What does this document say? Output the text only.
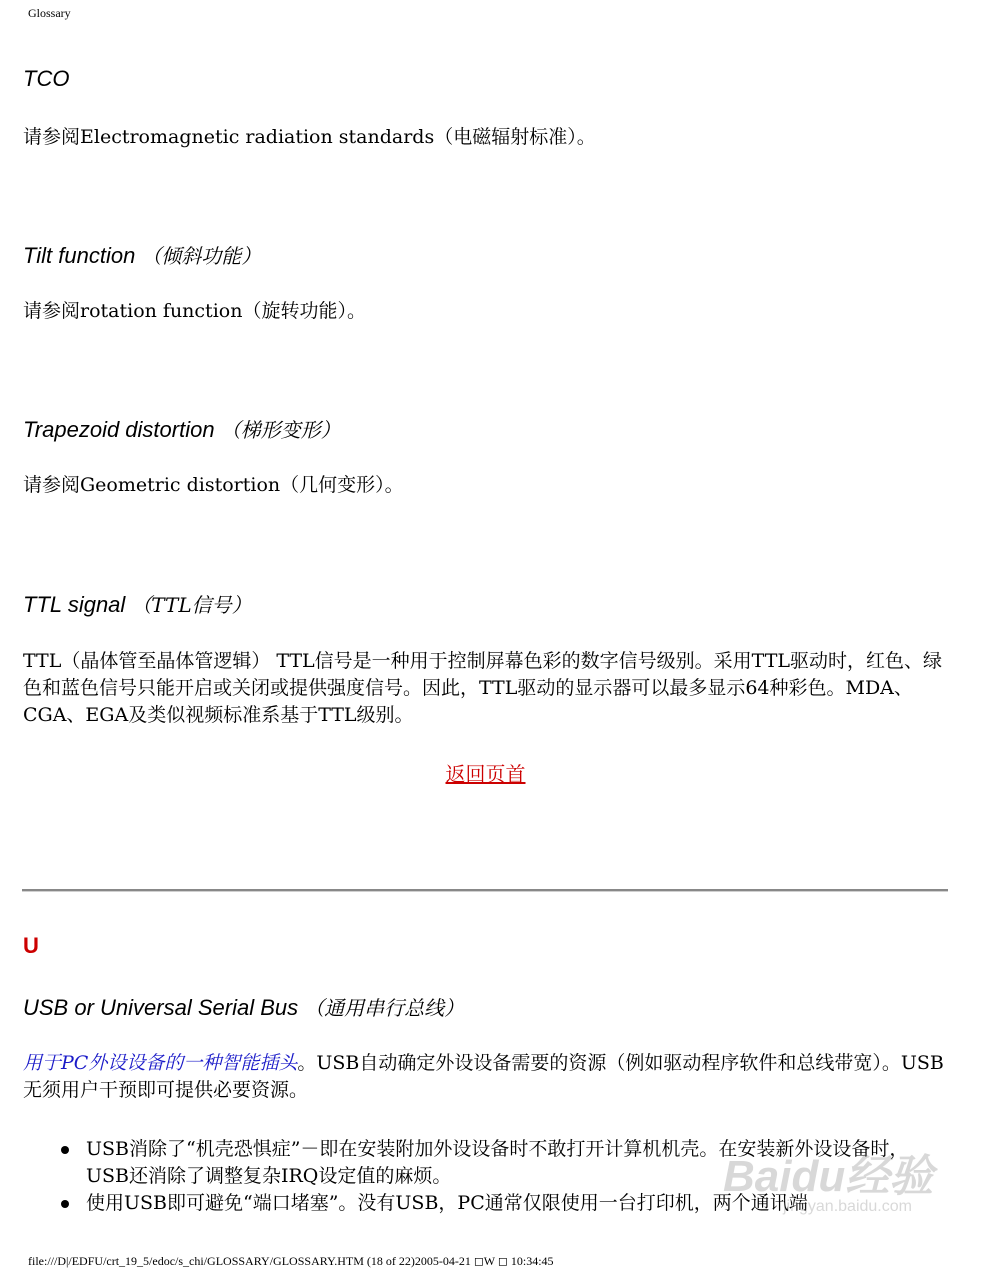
Glossary
TCO
请参阅Electromagnetic radiation standards（电磁辐射标准）。
Tilt function （倾斜功能）
请参阅rotation function（旋转功能）。
Trapezoid distortion （梯形变形）
请参阅Geometric distortion（几何变形）。
TTL signal （TTL信号）
TTL（晶体管至晶体管逻辑） TTL信号是一种用于控制屏幕色彩的数字信号级别。采用TTL驱动时，红色、绿色和蓝色信号只能开启或关闭或提供强度信号。因此，TTL驱动的显示器可以最多显示64种彩色。MDA、CGA、EGA及类似视频标准系基于TTL级别。
返回页首
U
USB or Universal Serial Bus （通用串行总线）
用于PC外设设备的一种智能插头。USB自动确定外设设备需要的资源（例如驱动程序软件和总线带宽）。USB无须用户干预即可提供必要资源。
USB消除了“机壳恐惧症”－即在安装附加外设设备时不敢打开计算机机壳。在安装新外设设备时，USB还消除了调整复杂IRQ设定值的麻烦。
使用USB即可避免“端口堵塞”。没有USB，PC通常仅限使用一台打印机，两个通讯端
Baidu经验
jingyan.baidu.com
file:///D|/EDFU/crt_19_5/edoc/s_chi/GLOSSARY/GLOSSARY.HTM (18 of 22)2005-04-21 ◻W ◻ 10:34:45
